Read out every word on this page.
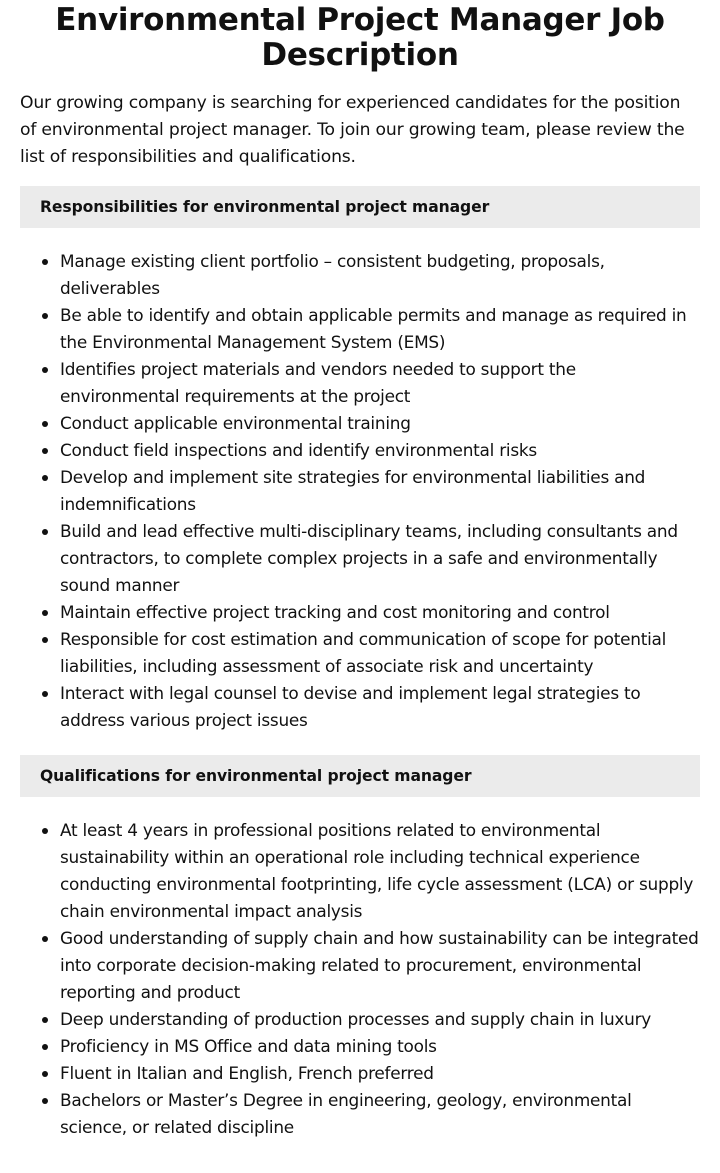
Environmental Project Manager Job Description

Our growing company is searching for experienced candidates for the position of environmental project manager. To join our growing team, please review the list of responsibilities and qualifications.

Responsibilities for environmental project manager
Manage existing client portfolio – consistent budgeting, proposals, deliverables
Be able to identify and obtain applicable permits and manage as required in the Environmental Management System (EMS)
Identifies project materials and vendors needed to support the environmental requirements at the project
Conduct applicable environmental training
Conduct field inspections and identify environmental risks
Develop and implement site strategies for environmental liabilities and indemnifications
Build and lead effective multi-disciplinary teams, including consultants and contractors, to complete complex projects in a safe and environmentally sound manner
Maintain effective project tracking and cost monitoring and control
Responsible for cost estimation and communication of scope for potential liabilities, including assessment of associate risk and uncertainty
Interact with legal counsel to devise and implement legal strategies to address various project issues
Qualifications for environmental project manager
At least 4 years in professional positions related to environmental sustainability within an operational role including technical experience conducting environmental footprinting, life cycle assessment (LCA) or supply chain environmental impact analysis
Good understanding of supply chain and how sustainability can be integrated into corporate decision-making related to procurement, environmental reporting and product
Deep understanding of production processes and supply chain in luxury
Proficiency in MS Office and data mining tools
Fluent in Italian and English, French preferred
Bachelors or Master’s Degree in engineering, geology, environmental science, or related discipline
